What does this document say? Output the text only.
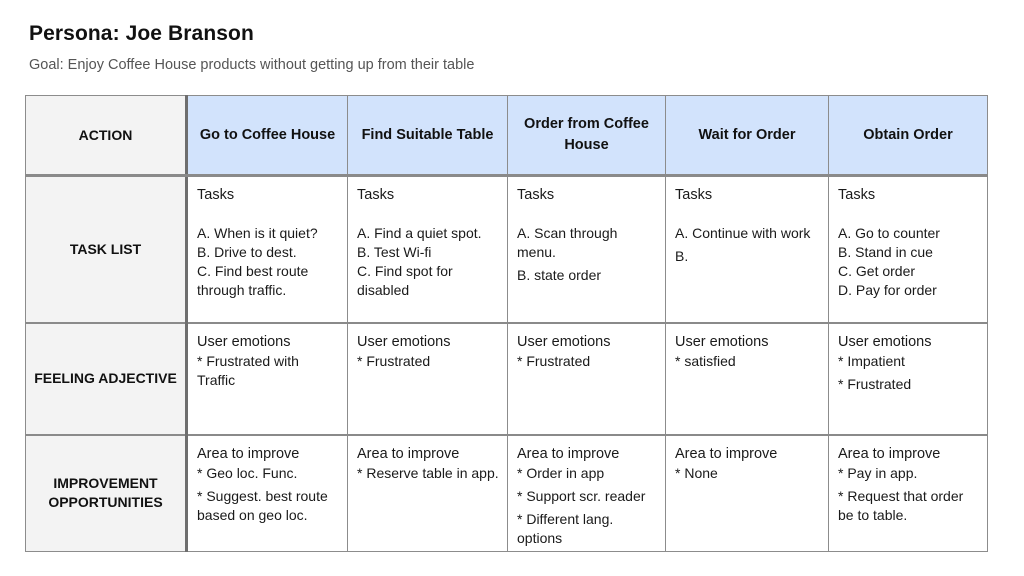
Persona: Joe Branson
Goal: Enjoy Coffee House products without getting up from their table
ACTION	Go to Coffee House	Find Suitable Table	Order from Coffee House	Wait for Order	Obtain Order
TASK LIST	Tasks
A. When is it quiet?
B. Drive to dest.
C. Find best route through traffic.	Tasks
A. Find a quiet spot.
B. Test Wi-fi
C. Find spot for disabled	Tasks
A. Scan through menu.
B. state order	Tasks
A. Continue with work
B.	Tasks
A. Go to counter
B. Stand in cue
C. Get order
D. Pay for order

FEELING ADJECTIVE	User emotions
* Frustrated with Traffic	User emotions
* Frustrated	User emotions
* Frustrated	User emotions
* satisfied	User emotions
* Impatient
* Frustrated

IMPROVEMENT OPPORTUNITIES	Area to improve
* Geo loc. Func.
* Suggest. best route based on geo loc.	Area to improve
* Reserve table in app.	Area to improve
* Order in app
* Support scr. reader
* Different lang. options	Area to improve
* None	Area to improve
* Pay in app.
* Request that order be to table.
